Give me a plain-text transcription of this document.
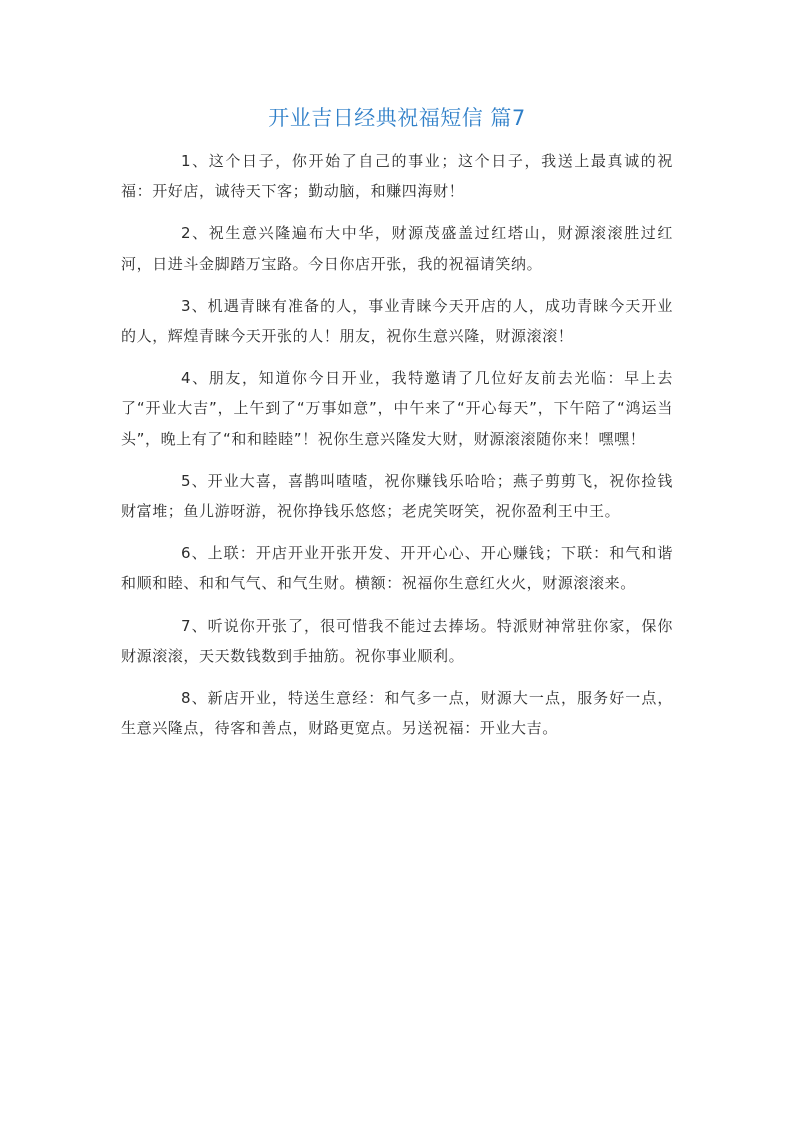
开业吉日经典祝福短信 篇7

1、这个日子，你开始了自己的事业；这个日子，我送上最真诚的祝福：开好店，诚待天下客；勤动脑，和赚四海财！

2、祝生意兴隆遍布大中华，财源茂盛盖过红塔山，财源滚滚胜过红河，日进斗金脚踏万宝路。今日你店开张，我的祝福请笑纳。

3、机遇青睐有准备的人，事业青睐今天开店的人，成功青睐今天开业的人，辉煌青睐今天开张的人！朋友，祝你生意兴隆，财源滚滚！

4、朋友，知道你今日开业，我特邀请了几位好友前去光临：早上去了“开业大吉”，上午到了“万事如意”，中午来了“开心每天”，下午陪了“鸿运当头”，晚上有了“和和睦睦”！祝你生意兴隆发大财，财源滚滚随你来！嘿嘿！

5、开业大喜，喜鹊叫喳喳，祝你赚钱乐哈哈；燕子剪剪飞，祝你捡钱财富堆；鱼儿游呀游，祝你挣钱乐悠悠；老虎笑呀笑，祝你盈利王中王。

6、上联：开店开业开张开发、开开心心、开心赚钱；下联：和气和谐和顺和睦、和和气气、和气生财。横额：祝福你生意红火火，财源滚滚来。

7、听说你开张了，很可惜我不能过去捧场。特派财神常驻你家，保你财源滚滚，天天数钱数到手抽筋。祝你事业顺利。

8、新店开业，特送生意经：和气多一点，财源大一点，服务好一点，生意兴隆点，待客和善点，财路更宽点。另送祝福：开业大吉。
